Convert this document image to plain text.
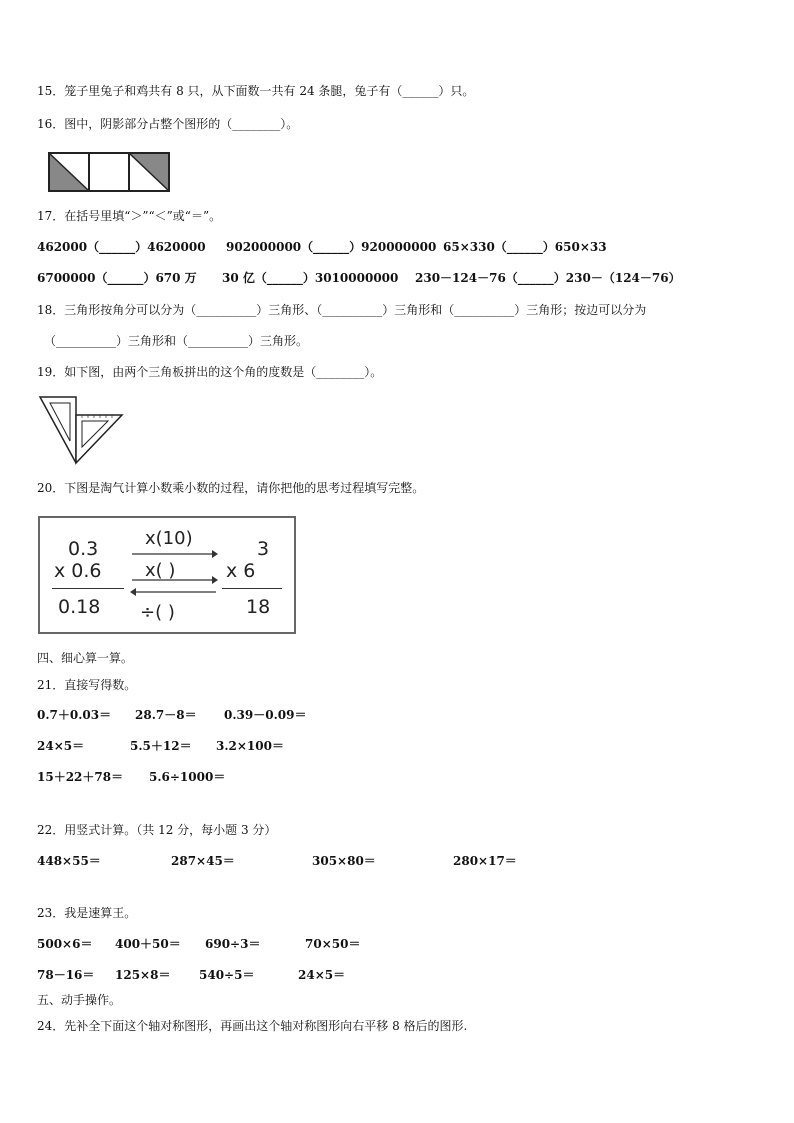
15．笼子里兔子和鸡共有 8 只，从下面数一共有 24 条腿，兔子有（______）只。
16．图中，阴影部分占整个图形的（________）。
17．在括号里填“＞”“＜”或“＝”。
462000（______）4620000 902000000（______）920000000 65×330（______）650×33
6700000（______）670 万 30 亿（______）3010000000 230－124－76（______）230－（124－76）
18．三角形按角分可以分为（__________）三角形、（__________）三角形和（__________）三角形；按边可以分为
（__________）三角形和（__________）三角形。
19．如下图，由两个三角板拼出的这个角的度数是（________）。
20．下图是淘气计算小数乘小数的过程，请你把他的思考过程填写完整。
0.3
x 0.6
0.18
x(10)
x( )
÷( )
3
x 6
18
四、细心算一算。
21．直接写得数。
0.7＋0.03＝ 28.7－8＝ 0.39－0.09＝
24×5＝	5.5＋12＝ 3.2×100＝
15＋22＋78＝ 5.6÷1000＝
22．用竖式计算。（共 12 分，每小题 3 分）
448×55＝	287×45＝	305×80＝	280×17＝
23．我是速算王。
500×6＝ 400＋50＝ 690÷3＝	70×50＝
78－16＝ 125×8＝ 540÷5＝	24×5＝
五、动手操作。
24．先补全下面这个轴对称图形，再画出这个轴对称图形向右平移 8 格后的图形.
